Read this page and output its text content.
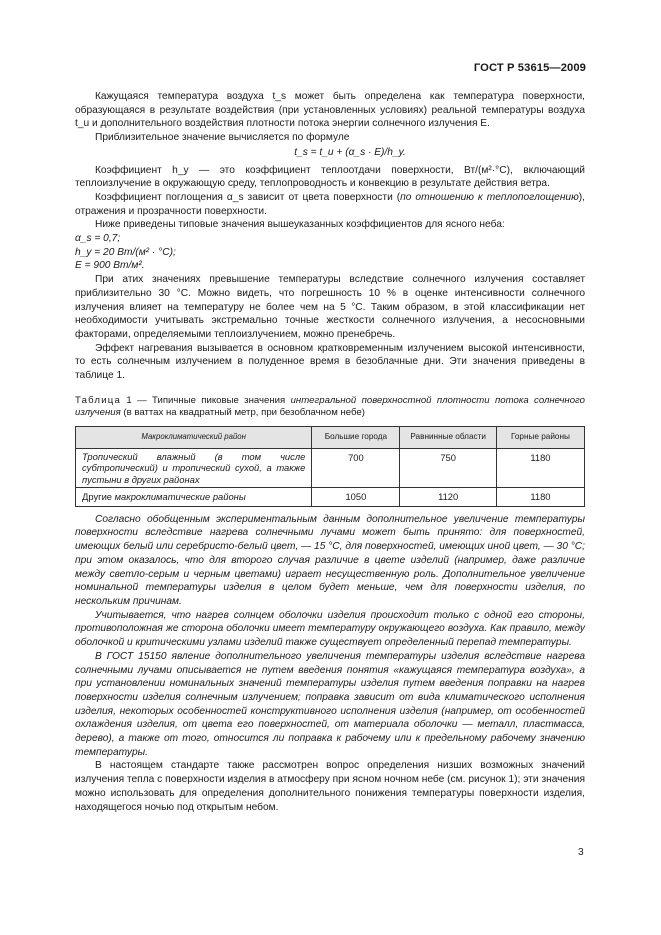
ГОСТ Р 53615—2009

Кажущаяся температура воздуха t_s может быть определена как температура поверхности, образующаяся в результате воздействия (при установленных условиях) реальной температуры воздуха t_u и дополнительного воздействия плотности потока энергии солнечного излучения E.

Приблизительное значение вычисляется по формуле

t_s = t_u + (α_s · E)/h_y.

Коэффициент h_y — это коэффициент теплоотдачи поверхности, Вт/(м²·°С), включающий теплоизлучение в окружающую среду, теплопроводность и конвекцию в результате действия ветра.

Коэффициент поглощения α_s зависит от цвета поверхности (по отношению к теплопоглощению), отражения и прозрачности поверхности.

Ниже приведены типовые значения вышеуказанных коэффициентов для ясного неба:

α_s = 0,7;

h_y = 20 Вт/(м² · °С);

E = 900 Вт/м².

При атих значениях превышение температуры вследствие солнечного излучения составляет приблизительно 30 °С. Можно видеть, что погрешность 10 % в оценке интенсивности солнечного излучения влияет на температуру не более чем на 5 °С. Таким образом, в этой классификации нет необходимости учитывать экстремально точные жесткости солнечного излучения, а несосновными факторами, определяемыми теплоизлучением, можно пренебречь.

Эффект нагревания вызывается в основном кратковременным излучением высокой интенсивности, то есть солнечным излучением в полуденное время в безоблачные дни. Эти значения приведены в таблице 1.

Таблица 1 — Типичные пиковые значения интегральной поверхностной плотности потока солнечного излучения (в ваттах на квадратный метр, при безоблачном небе)

Макроклиматический район	Большие города	Равнинные области	Горные районы
Тропический влажный (в том числе субтропический) и тропический сухой, а также пустыни в других районах	700	750	1180
Другие макроклиматические районы	1050	1120	1180

Согласно обобщенным экспериментальным данным дополнительное увеличение температуры поверхности вследствие нагрева солнечными лучами может быть принято: для поверхностей, имеющих белый или серебристо-белый цвет, — 15 °С, для поверхностей, имеющих иной цвет, — 30 °С; при этом оказалось, что для второго случая различие в цвете изделий (например, даже различие между светло-серым и черным цветами) играет несущественную роль. Дополнительное увеличение номинальной температуры изделия в целом будет меньше, чем для поверхности изделия, по нескольким причинам.

Учитывается, что нагрев солнцем оболочки изделия происходит только с одной его стороны, противоположная же сторона оболочки имеет температуру окружающего воздуха. Как правило, между оболочкой и критическими узлами изделий также существует определенный перепад температуры.

В ГОСТ 15150 явление дополнительного увеличения температуры изделия вследствие нагрева солнечными лучами описывается не путем введения понятия «кажущаяся температура воздуха», а при установлении номинальных значений температуры изделия путем введения поправки на нагрев поверхности изделия солнечным излучением; поправка зависит от вида климатического исполнения изделия, некоторых особенностей конструктивного исполнения изделия (например, от особенностей охлаждения изделия, от цвета его поверхностей, от материала оболочки — металл, пластмасса, дерево), а также от того, относится ли поправка к рабочему или к предельному рабочему значению температуры.

В настоящем стандарте также рассмотрен вопрос определения низших возможных значений излучения тепла с поверхности изделия в атмосферу при ясном ночном небе (см. рисунок 1); эти значения можно использовать для определения дополнительного понижения температуры поверхности изделия, находящегося ночью под открытым небом.

3
